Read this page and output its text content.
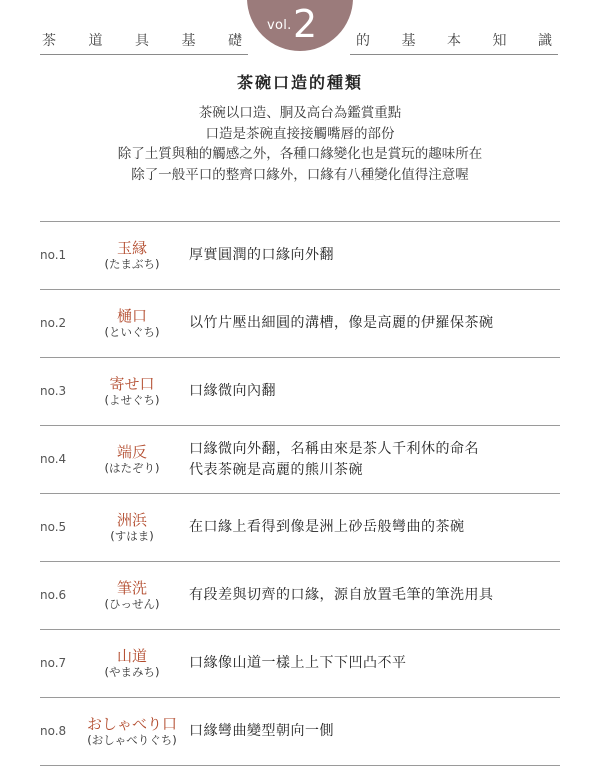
vol. 2
茶 道 具 基 礎	的 基 本 知 識
茶碗口造的種類
茶碗以口造、胴及高台為鑑賞重點
口造是茶碗直接接觸嘴唇的部份
除了土質與釉的觸感之外，各種口緣變化也是賞玩的趣味所在
除了一般平口的整齊口緣外，口緣有八種變化值得注意喔
no.1	玉縁
(たまぶち)
厚實圓潤的口緣向外翻
no.2	樋口
(といぐち)
以竹片壓出細圓的溝槽，像是高麗的伊羅保茶碗
no.3	寄せ口
(よせぐち)
口緣微向內翻
no.4	端反
(はたぞり)
口緣微向外翻，名稱由來是茶人千利休的命名
代表茶碗是高麗的熊川茶碗
no.5	洲浜
(すはま)
在口緣上看得到像是洲上砂岳般彎曲的茶碗
no.6	筆洗
(ひっせん)
有段差與切齊的口緣，源自放置毛筆的筆洗用具
no.7	山道
(やまみち)
口緣像山道一樣上上下下凹凸不平
no.8 おしゃべり口
(おしゃべりぐち)
口緣彎曲變型朝向一側
